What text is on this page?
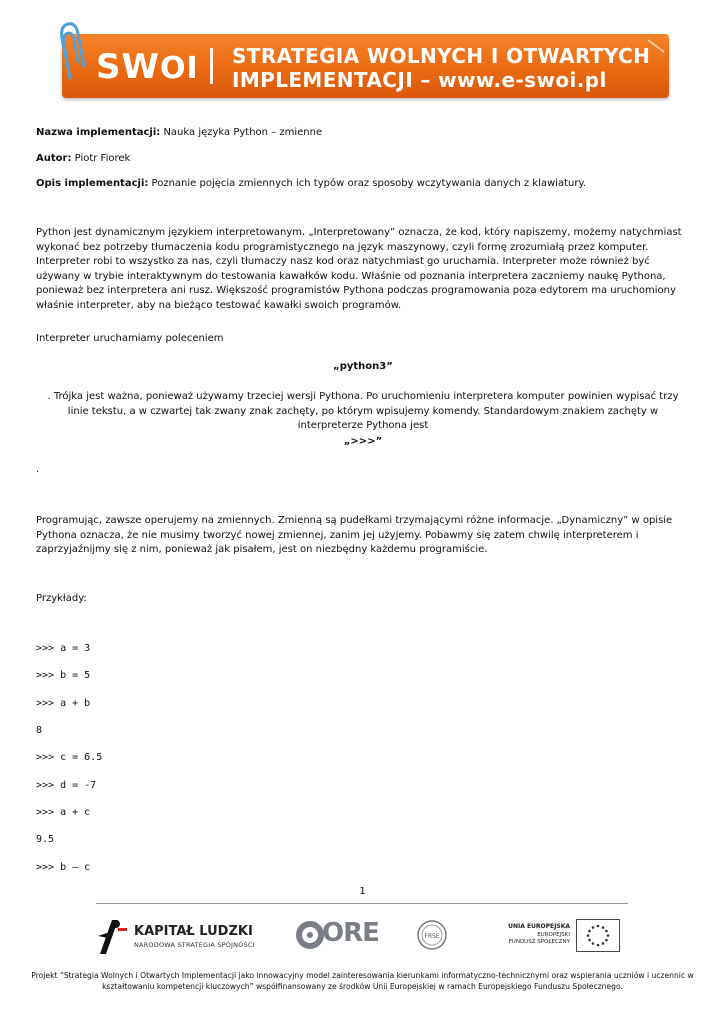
SWOI STRATEGIA WOLNYCH I OTWARTYCH
IMPLEMENTACJI – www.e-swoi.pl
Nazwa implementacji: Nauka języka Python – zmienne
Autor: Piotr Fiorek
Opis implementacji: Poznanie pojęcia zmiennych ich typów oraz sposoby wczytywania danych z klawiatury.
Python jest dynamicznym językiem interpretowanym. „Interpretowany” oznacza, że kod, który napiszemy, możemy natychmiast wykonać bez potrzeby tłumaczenia kodu programistycznego na język maszynowy, czyli formę zrozumiałą przez komputer. Interpreter robi to wszystko za nas, czyli tłumaczy nasz kod oraz natychmiast go uruchamia. Interpreter może również być używany w trybie interaktywnym do testowania kawałków kodu. Właśnie od poznania interpretera zaczniemy naukę Pythona, ponieważ bez interpretera ani rusz. Większość programistów Pythona podczas programowania poza edytorem ma uruchomiony właśnie interpreter, aby na bieżąco testować kawałki swoich programów.
Interpreter uruchamiamy poleceniem
„python3”
. Trójka jest ważna, ponieważ używamy trzeciej wersji Pythona. Po uruchomieniu interpretera komputer powinien wypisać trzy linie tekstu, a w czwartej tak zwany znak zachęty, po którym wpisujemy komendy. Standardowym znakiem zachęty w interpreterze Pythona jest
„>>>”
.
Programując, zawsze operujemy na zmiennych. Zmienną są pudełkami trzymającymi różne informacje. „Dynamiczny” w opisie Pythona oznacza, że nie musimy tworzyć nowej zmiennej, zanim jej użyjemy. Pobawmy się zatem chwilę interpreterem i zaprzyjaźnijmy się z nim, ponieważ jak pisałem, jest on niezbędny każdemu programiście.
Przykłady:
>>> a = 3
>>> b = 5
>>> a + b
8
>>> c = 6.5
>>> d = -7
>>> a + c
9.5
>>> b – c
1
KAPITAŁ LUDZKI
NARODOWA STRATEGIA SPÓJNOŚCI	ORE	FRSE
UNIA EUROPEJSKA
EUROPEJSKI
FUNDUSZ SPOŁECZNY
Projekt “Strategia Wolnych i Otwartych Implementacji jako innowacyjny model zainteresowania kierunkami informatyczno-technicznymi oraz wspierania uczniów i uczennic w kształtowaniu kompetencji kluczowych” współfinansowany ze środków Unii Europejskiej w ramach Europejskiego Funduszu Społecznego.
